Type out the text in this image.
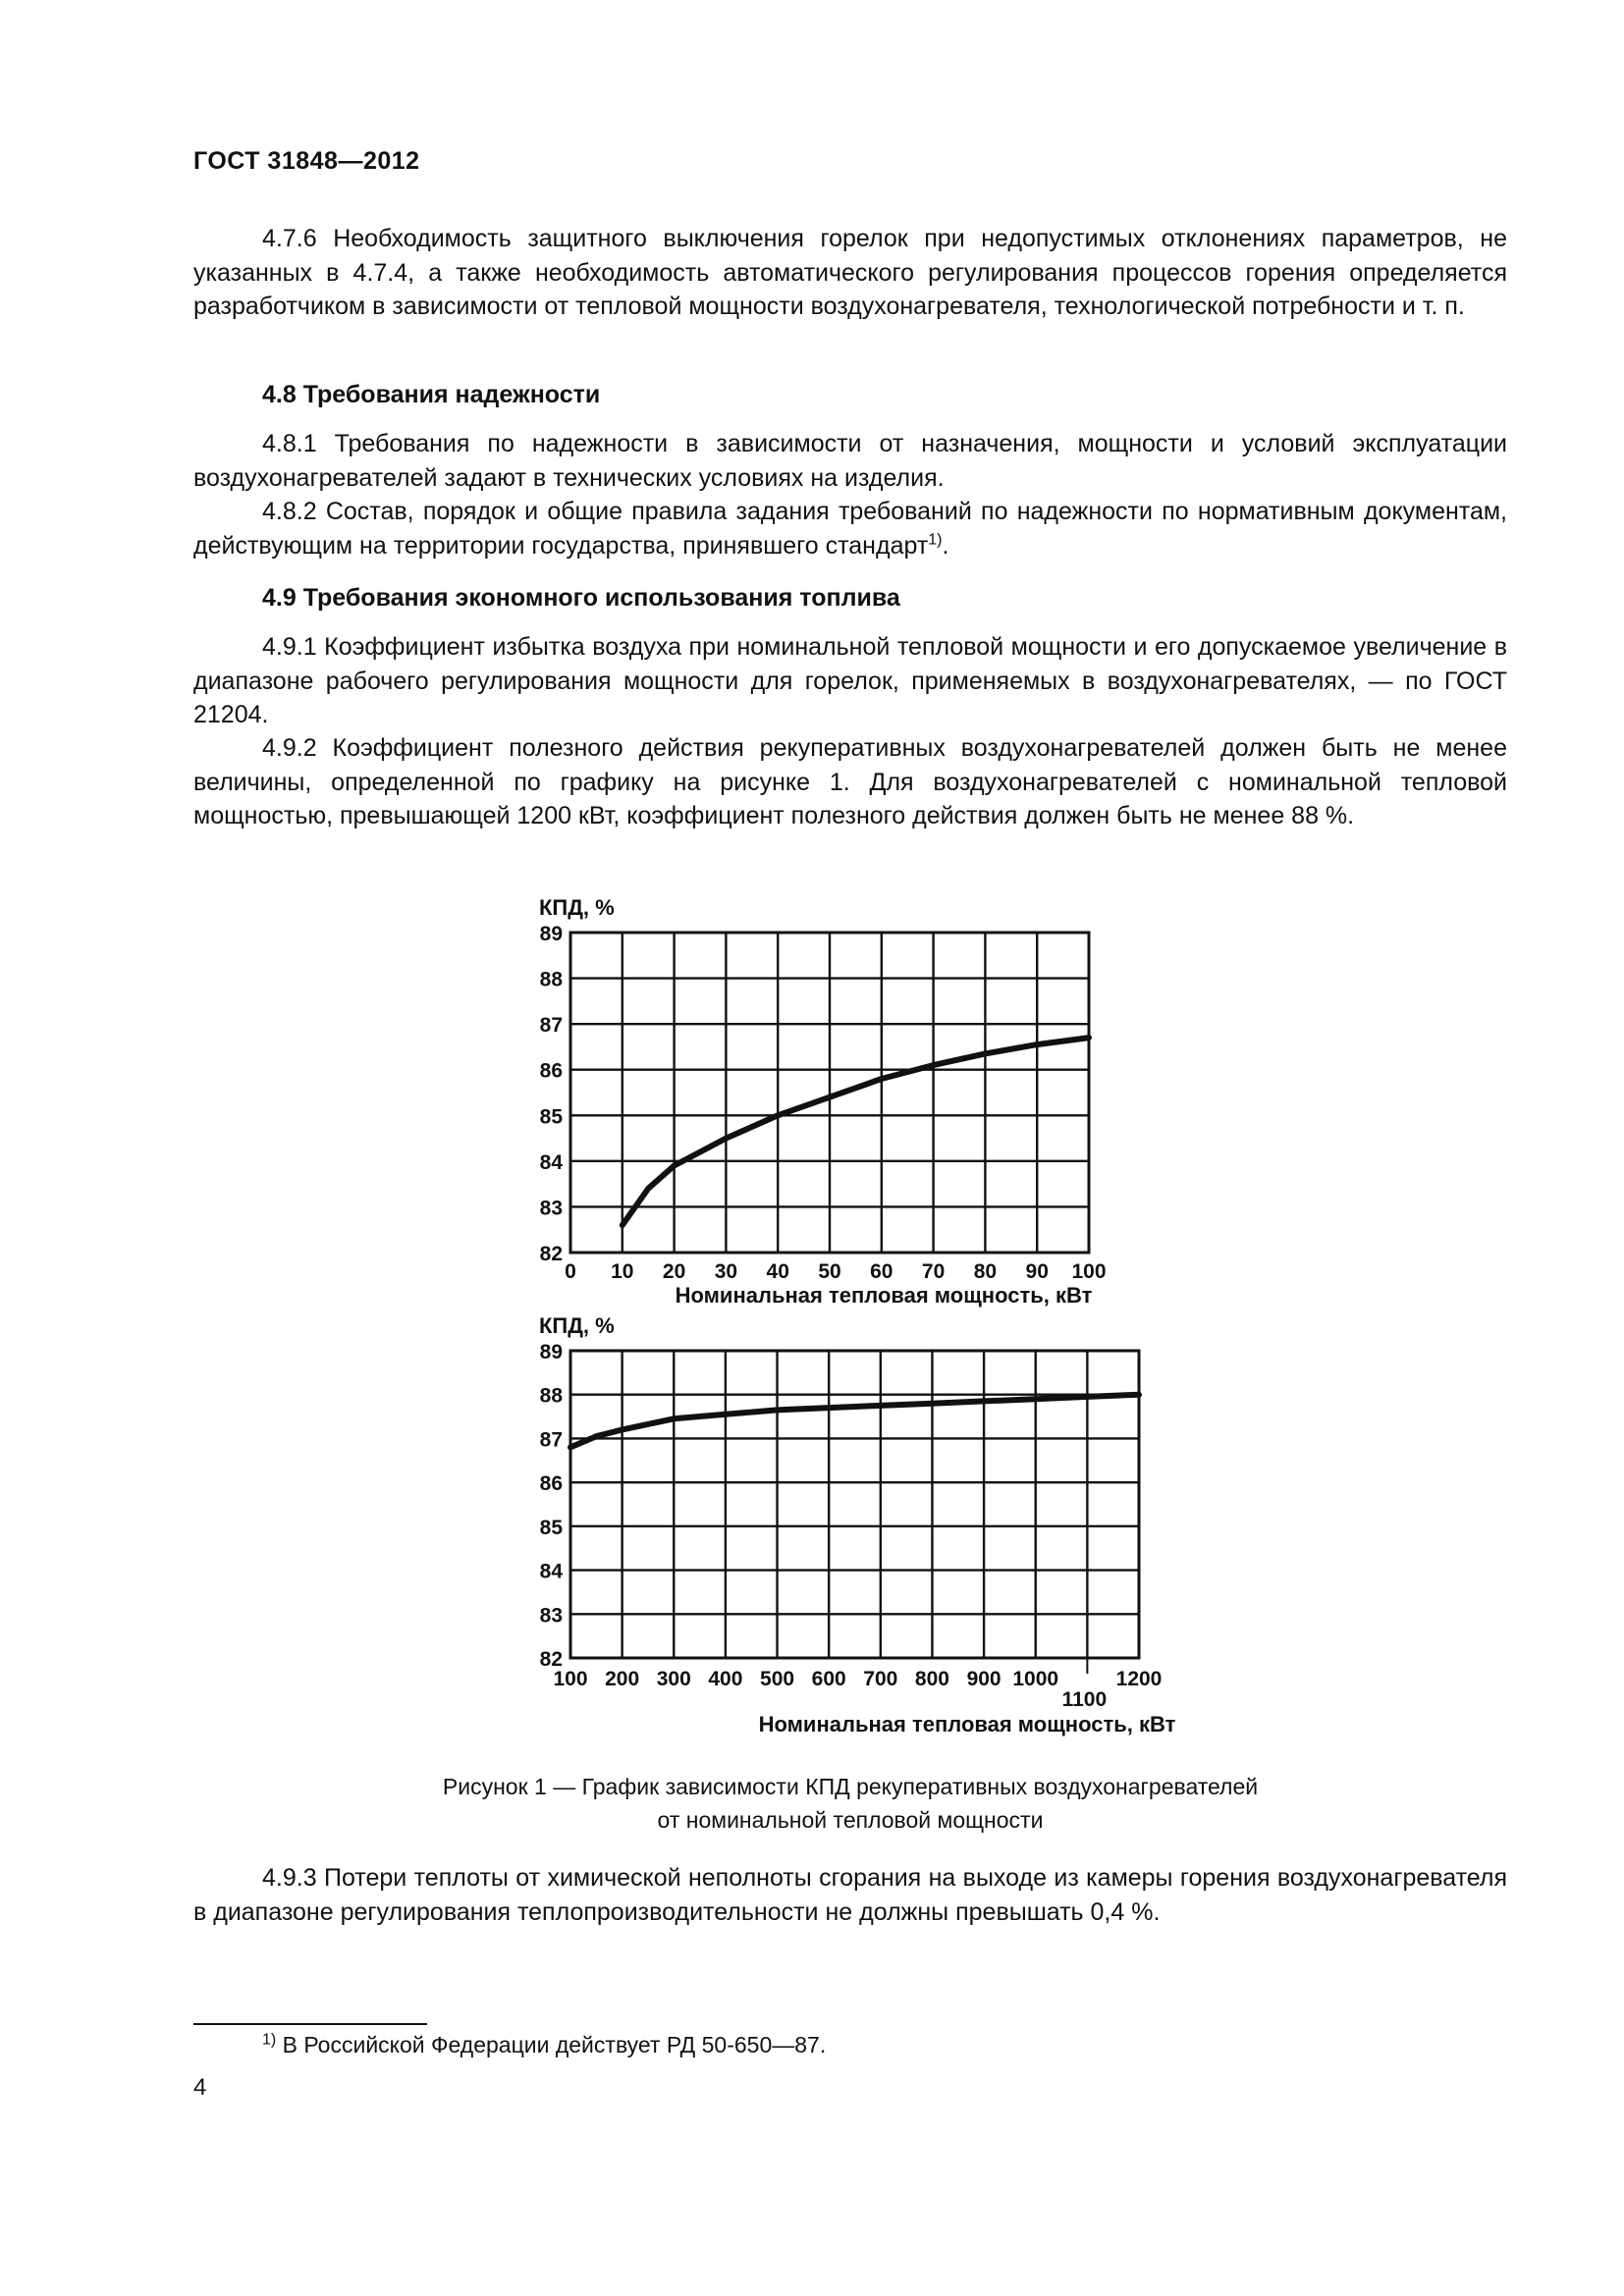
ГОСТ 31848—2012

4.7.6 Необходимость защитного выключения горелок при недопустимых отклонениях параметров, не указанных в 4.7.4, а также необходимость автоматического регулирования процессов горения определяется разработчиком в зависимости от тепловой мощности воздухонагревателя, технологической потребности и т. п.

4.8 Требования надежности

4.8.1 Требования по надежности в зависимости от назначения, мощности и условий эксплуатации воздухонагревателей задают в технических условиях на изделия.

4.8.2 Состав, порядок и общие правила задания требований по надежности по нормативным документам, действующим на территории государства, принявшего стандарт$^{1)}$.

4.9 Требования экономного использования топлива

4.9.1 Коэффициент избытка воздуха при номинальной тепловой мощности и его допускаемое увеличение в диапазоне рабочего регулирования мощности для горелок, применяемых в воздухонагревателях, — по ГОСТ 21204.

4.9.2 Коэффициент полезного действия рекуперативных воздухонагревателей должен быть не менее величины, определенной по графику на рисунке 1. Для воздухонагревателей с номинальной тепловой мощностью, превышающей 1200 кВт, коэффициент полезного действия должен быть не менее 88 %.

82
83
84
85
86
87
88
89
0 10 20 30 40 50 60 70 80 90 100
КПД, %
Номинальная тепловая мощность, кВт
82
83
84
85
86
87
88
89
100 200 300 400 500 600 700 800 900 1000
1100
1200
КПД, %
Номинальная тепловая мощность, кВт
Рисунок 1 — График зависимости КПД рекуперативных воздухонагревателей
от номинальной тепловой мощности

4.9.3 Потери теплоты от химической неполноты сгорания на выходе из камеры горения воздухонагревателя в диапазоне регулирования теплопроизводительности не должны превышать 0,4 %.

$^{1)}$ В Российской Федерации действует РД 50-650—87.
4
